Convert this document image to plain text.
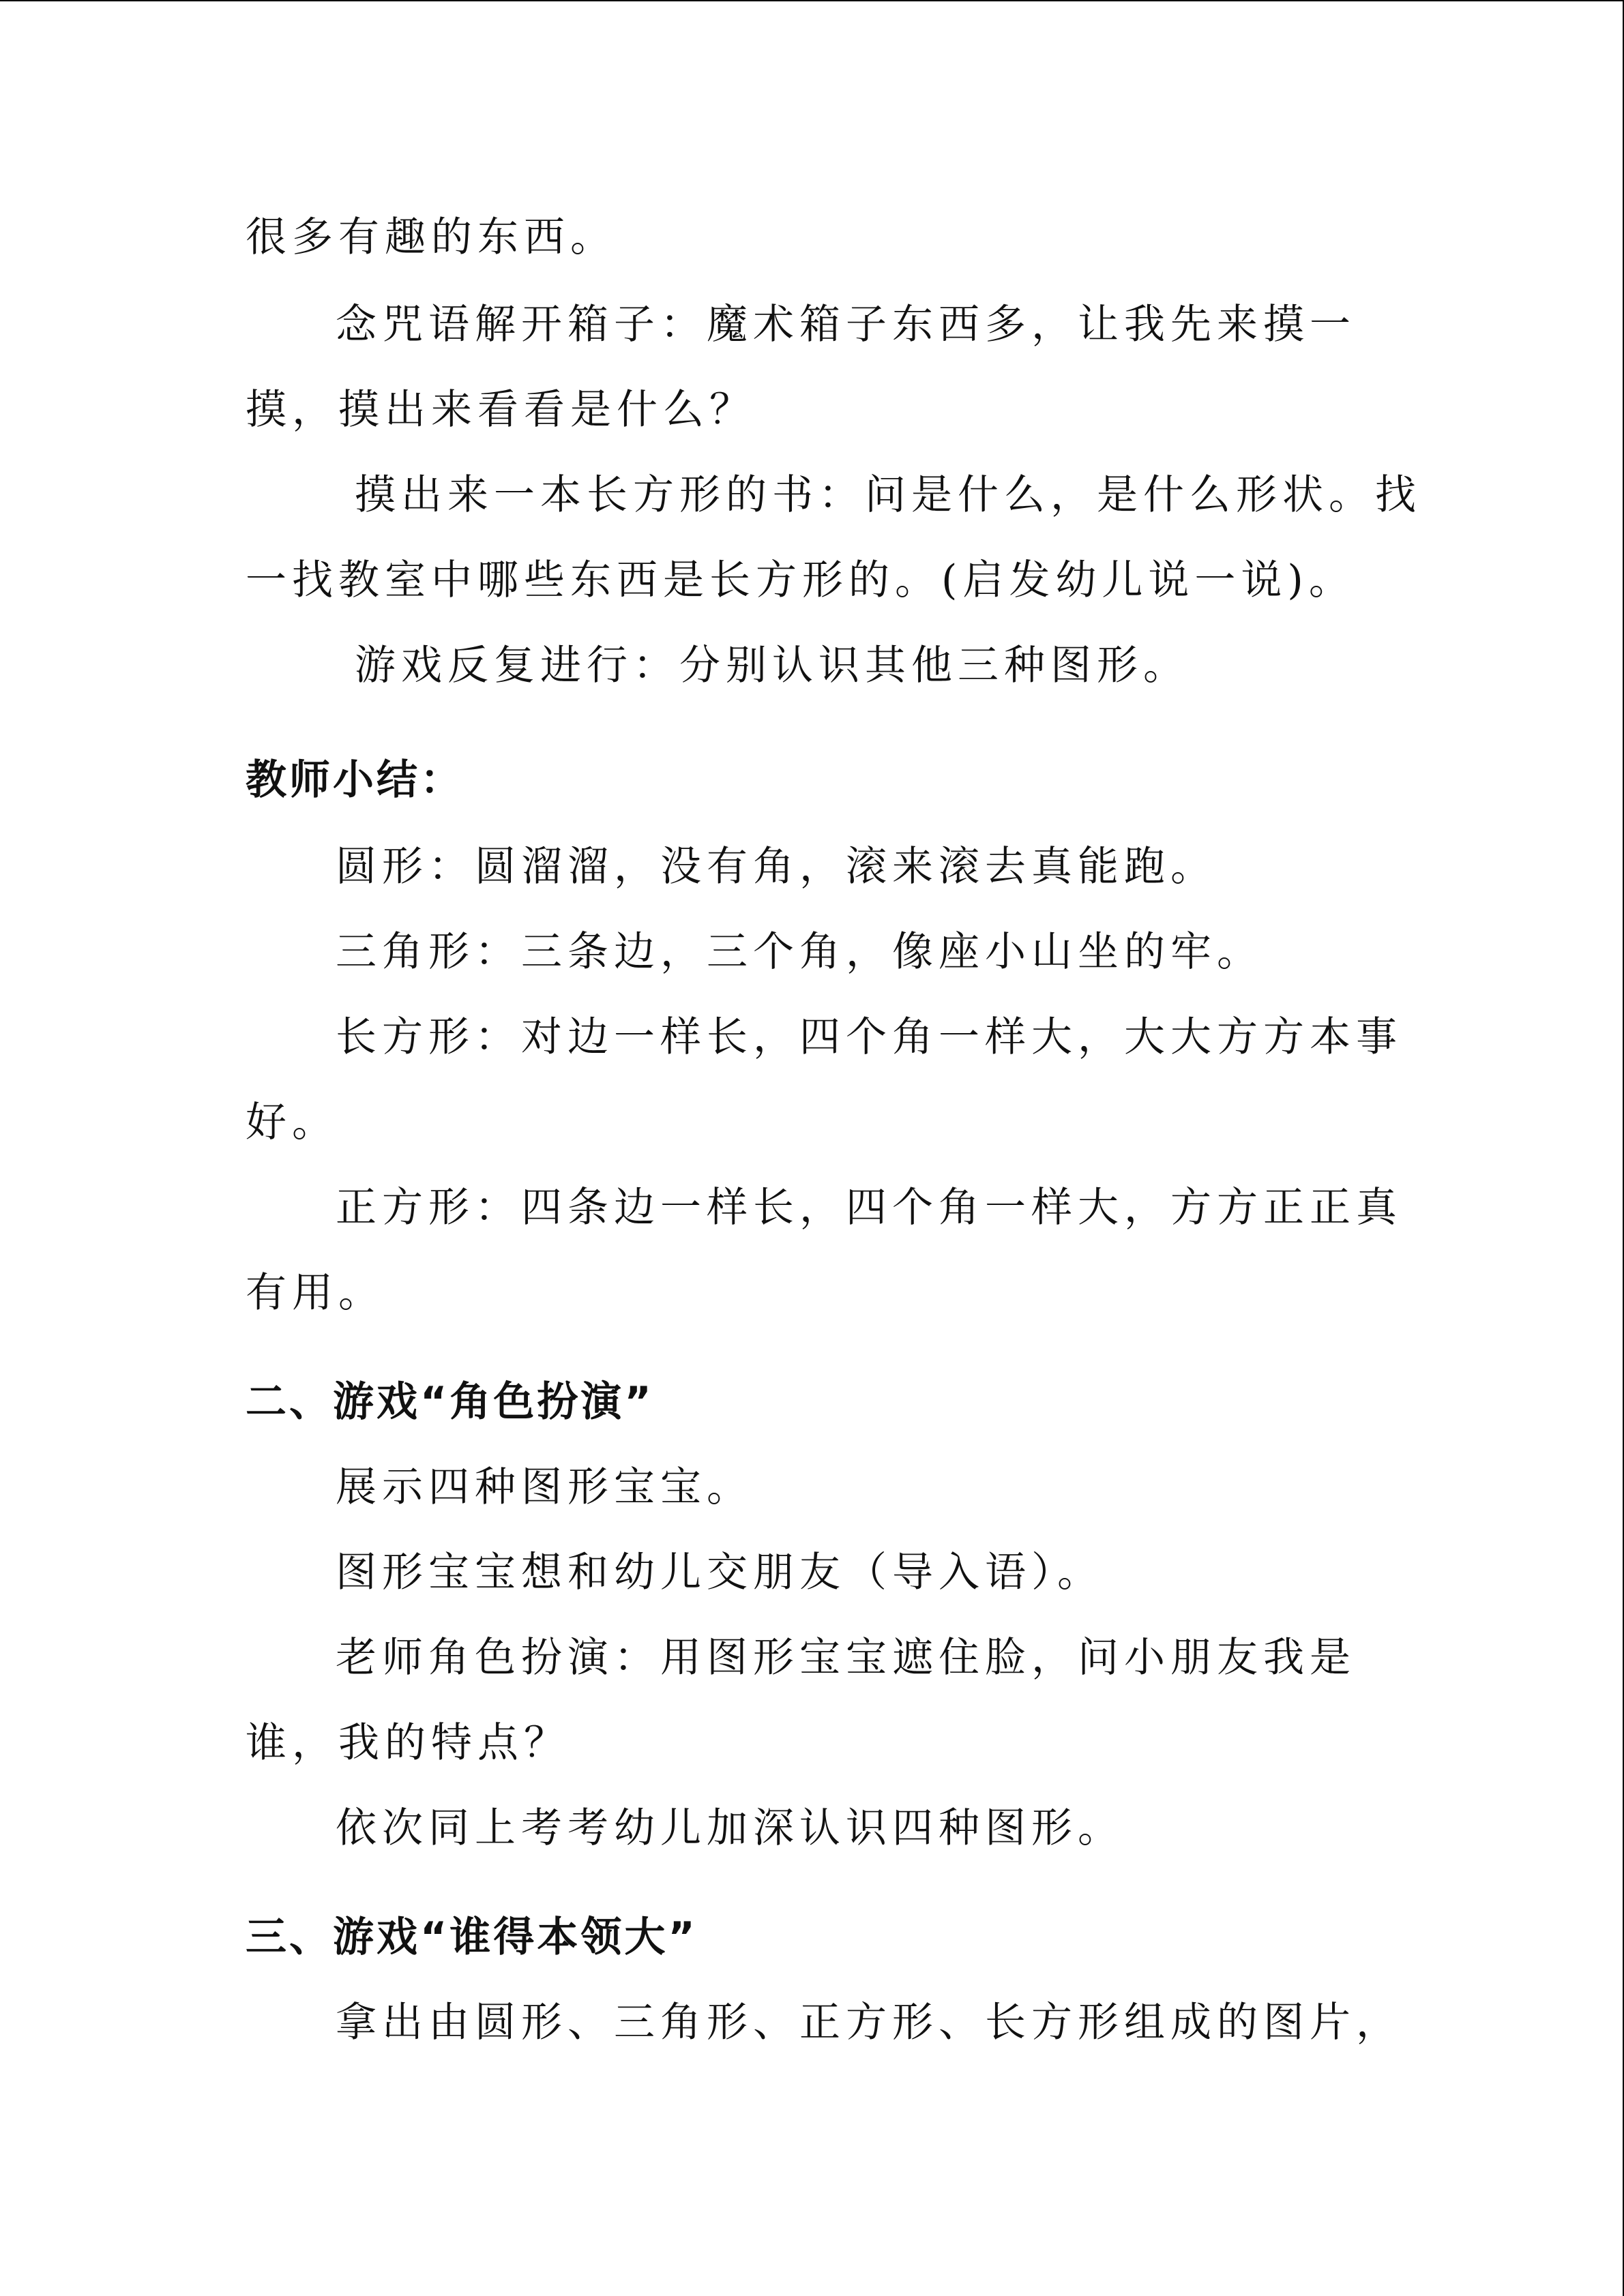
很多有趣的东西。
念咒语解开箱子：魔术箱子东西多，让我先来摸一
摸，摸出来看看是什么？
摸出来一本长方形的书：问是什么，是什么形状。找
一找教室中哪些东西是长方形的。(启发幼儿说一说)。
游戏反复进行：分别认识其他三种图形。
教师小结：
圆形：圆溜溜，没有角，滚来滚去真能跑。
三角形：三条边，三个角，像座小山坐的牢。
长方形：对边一样长，四个角一样大，大大方方本事
好。
正方形：四条边一样长，四个角一样大，方方正正真
有用。
二、游戏“角色扮演”
展示四种图形宝宝。
图形宝宝想和幼儿交朋友（导入语）。
老师角色扮演：用图形宝宝遮住脸，问小朋友我是
谁，我的特点？
依次同上考考幼儿加深认识四种图形。
三、游戏“谁得本领大”
拿出由圆形、三角形、正方形、长方形组成的图片，
